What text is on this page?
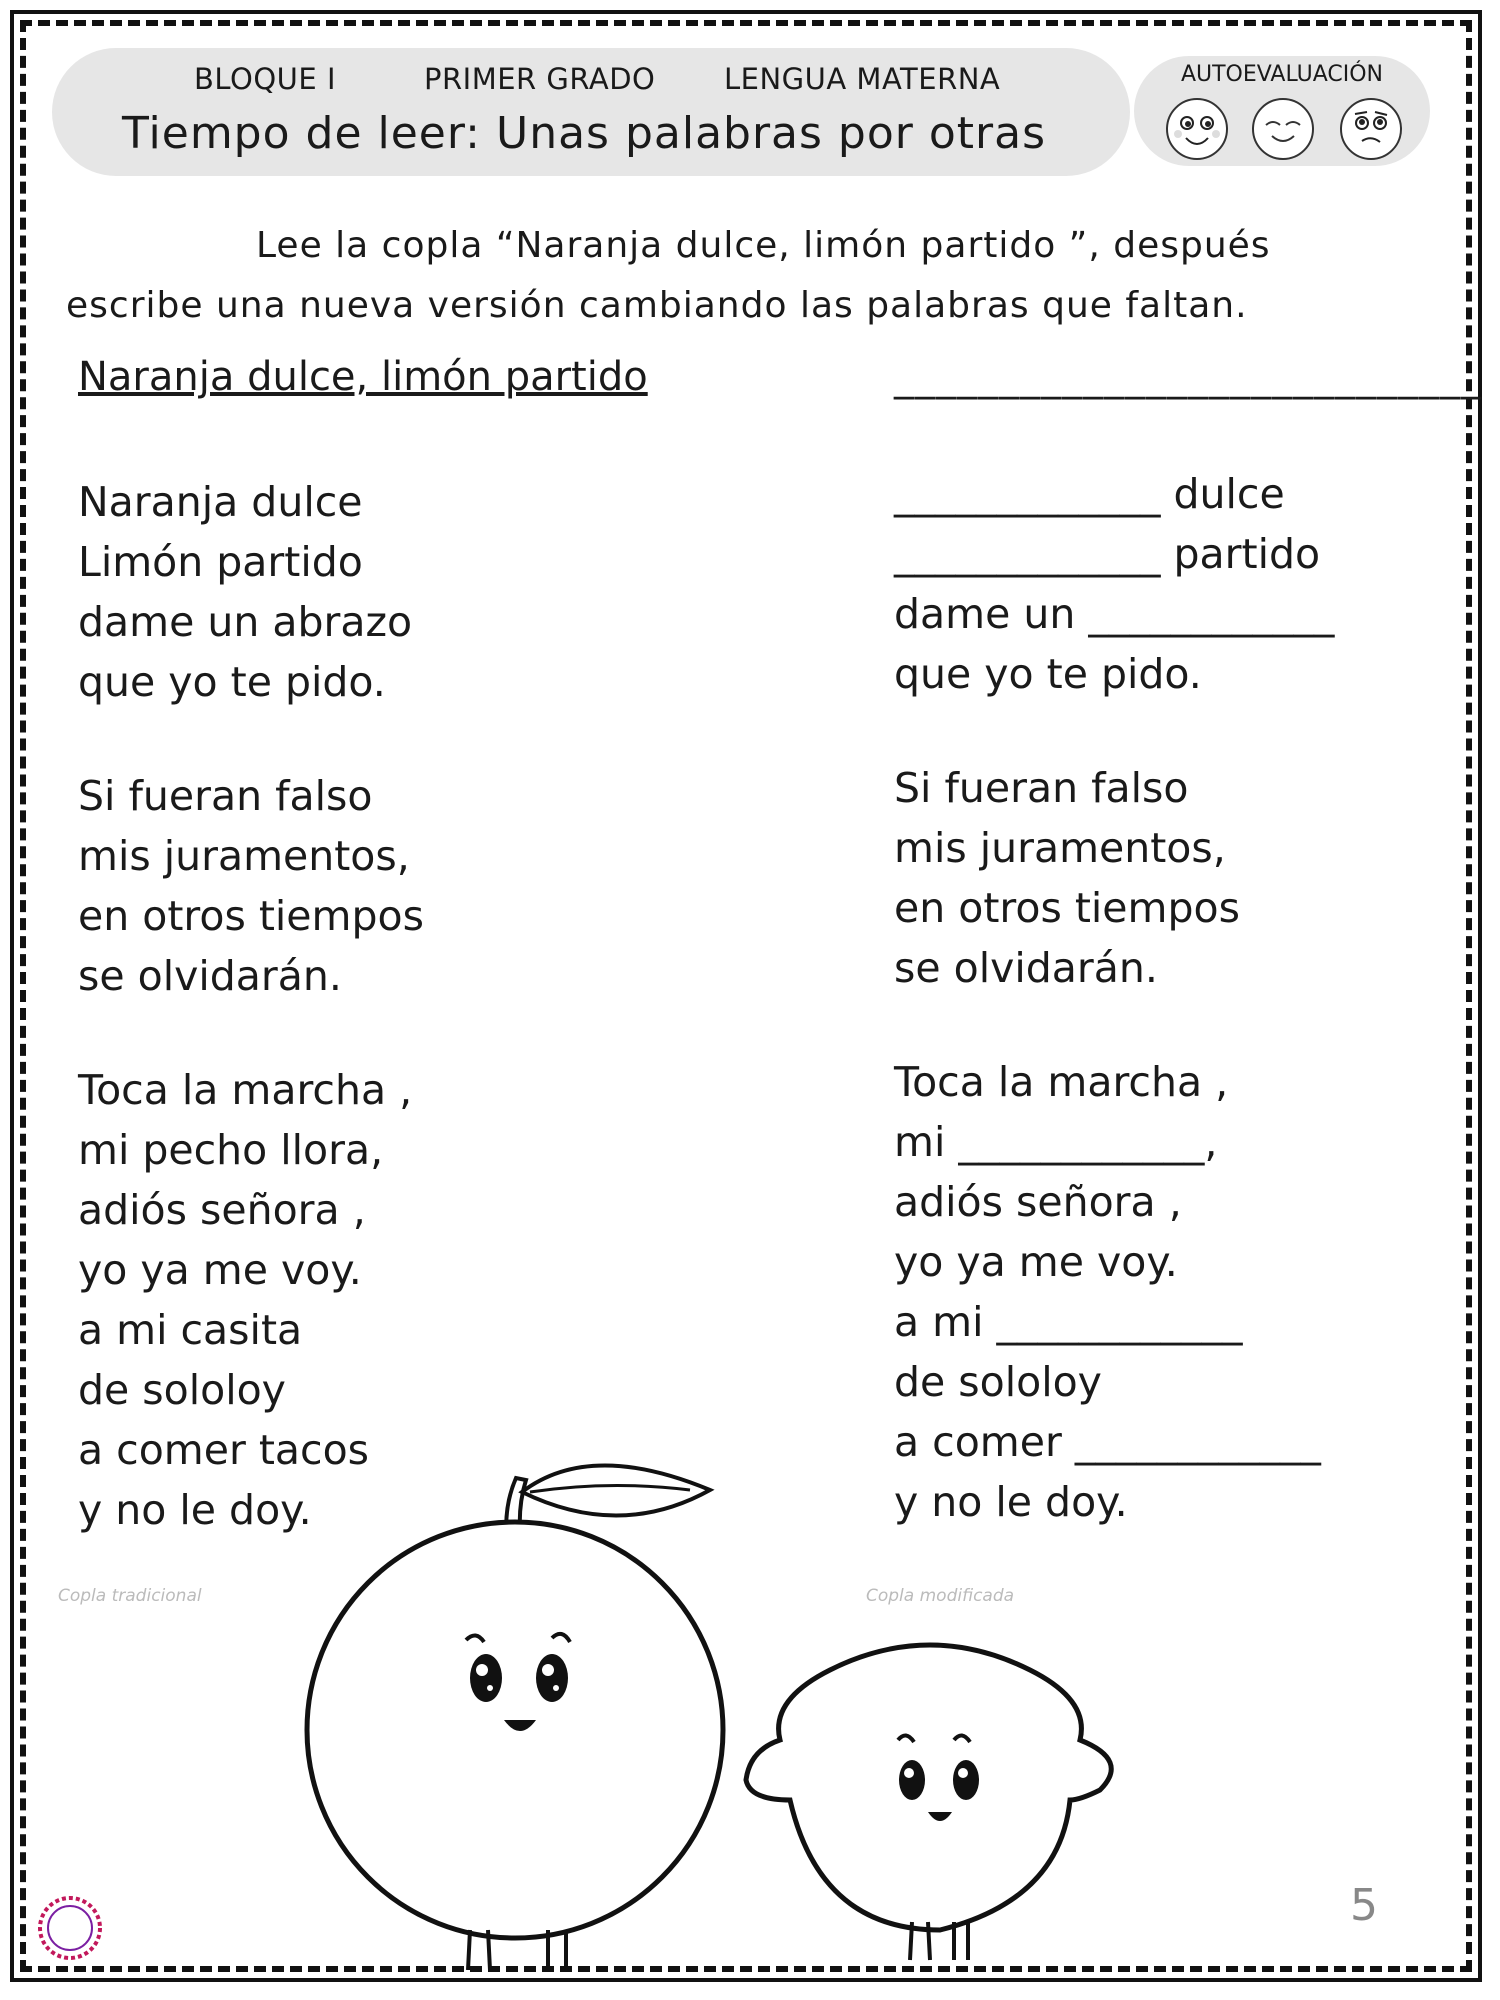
BLOQUE I	PRIMER GRADO LENGUA MATERNA
Tiempo de leer: Unas palabras por otras
AUTOEVALUACIÓN

Lee la copla “Naranja dulce, limón partido ”, después

escribe una nueva versión cambiando las palabras que faltan.

Naranja dulce, limón partido	____________________________
Naranja dulce
Limón partido
dame un abrazo
que yo te pido.
Si fueran falso
mis juramentos,
en otros tiempos
se olvidarán.
Toca la marcha ,
mi pecho llora,
adiós señora ,
yo ya me voy.
a mi casita
de sololoy
a comer tacos
y no le doy.
_____________ dulce
_____________ partido
dame un ____________
que yo te pido.
Si fueran falso
mis juramentos,
en otros tiempos
se olvidarán.
Toca la marcha ,
mi ____________,
adiós señora ,
yo ya me voy.
a mi ____________
de sololoy
a comer ____________
y no le doy.
Copla tradicional	Copla modificada
5
